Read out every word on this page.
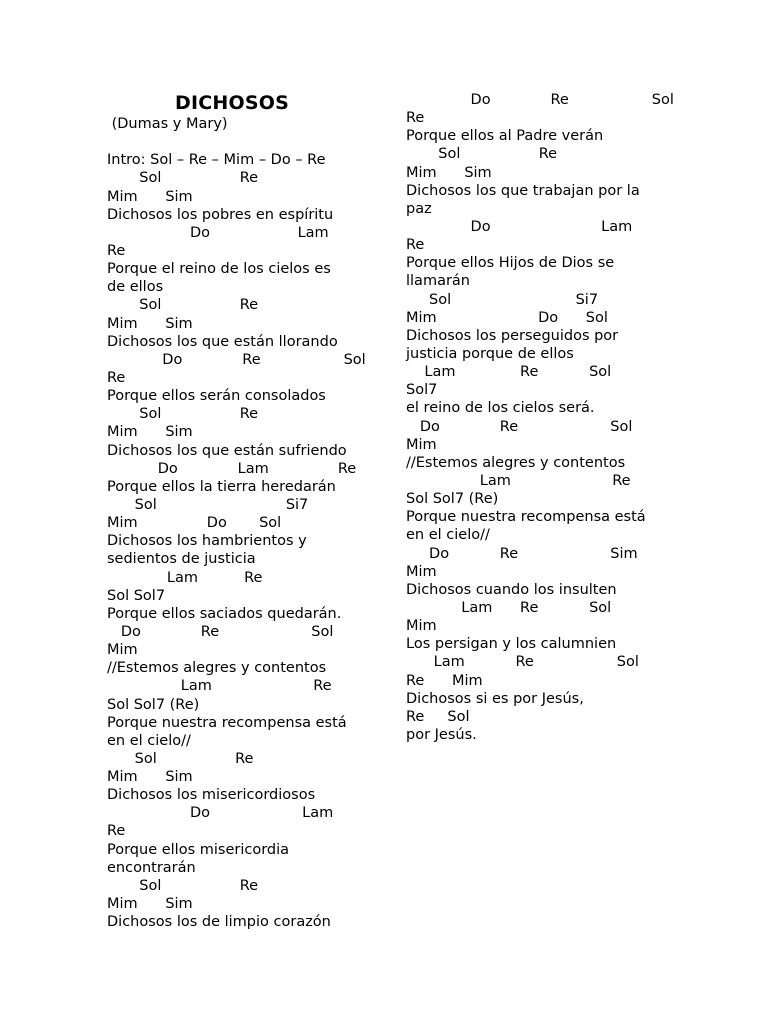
DICHOSOS
(Dumas y Mary)
Intro: Sol – Re – Mim – Do – Re
Sol                 Re
Mim      Sim
Dichosos los pobres en espíritu
Do                   Lam
Re
Porque el reino de los cielos es
de ellos
Sol                 Re
Mim      Sim
Dichosos los que están llorando
Do             Re                  Sol
Re
Porque ellos serán consolados
Sol                 Re
Mim      Sim
Dichosos los que están sufriendo
Do             Lam               Re
Porque ellos la tierra heredarán
Sol                            Si7
Mim               Do       Sol
Dichosos los hambrientos y
sedientos de justicia
Lam          Re
Sol Sol7
Porque ellos saciados quedarán.
Do             Re                    Sol
Mim
//Estemos alegres y contentos
Lam                      Re
Sol Sol7 (Re)
Porque nuestra recompensa está
en el cielo//
Sol                 Re
Mim      Sim
Dichosos los misericordiosos
Do                    Lam
Re
Porque ellos misericordia
encontrarán
Sol                 Re
Mim      Sim
Dichosos los de limpio corazón
Do             Re                  Sol
Re
Porque ellos al Padre verán
Sol                 Re
Mim      Sim
Dichosos los que trabajan por la
paz
Do                        Lam
Re
Porque ellos Hijos de Dios se
llamarán
Sol                           Si7
Mim                      Do      Sol
Dichosos los perseguidos por
justicia porque de ellos
Lam              Re           Sol
Sol7
el reino de los cielos será.
Do             Re                    Sol
Mim
//Estemos alegres y contentos
Lam                      Re
Sol Sol7 (Re)
Porque nuestra recompensa está
en el cielo//
Do           Re                    Sim
Mim
Dichosos cuando los insulten
Lam      Re           Sol
Mim
Los persigan y los calumnien
Lam           Re                  Sol
Re      Mim
Dichosos si es por Jesús,
Re     Sol
por Jesús.
